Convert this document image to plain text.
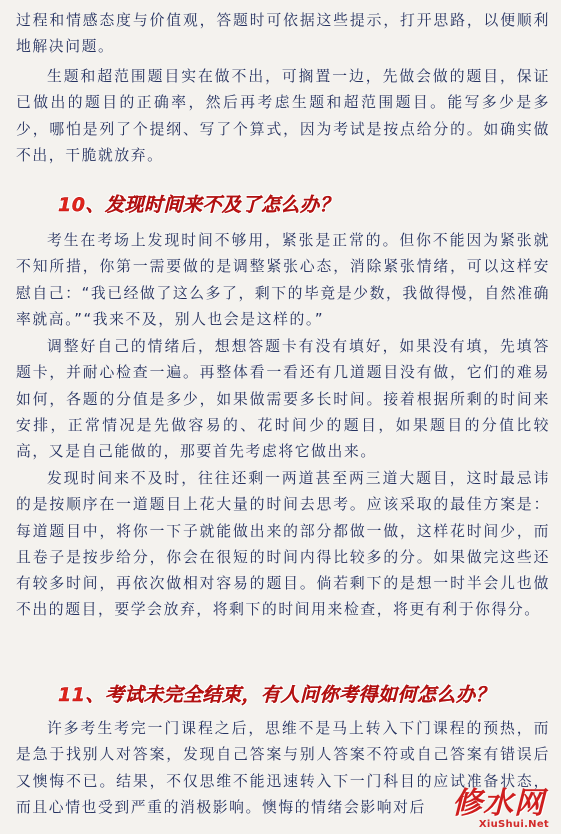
过程和情感态度与价值观，答题时可依据这些提示，打开思路，以便顺利地解决问题。

生题和超范围题目实在做不出，可搁置一边，先做会做的题目，保证已做出的题目的正确率，然后再考虑生题和超范围题目。能写多少是多少，哪怕是列了个提纲、写了个算式，因为考试是按点给分的。如确实做不出，干脆就放弃。

10、发现时间来不及了怎么办？

考生在考场上发现时间不够用，紧张是正常的。但你不能因为紧张就不知所措，你第一需要做的是调整紧张心态，消除紧张情绪，可以这样安慰自己：“我已经做了这么多了，剩下的毕竟是少数，我做得慢，自然准确率就高。”“我来不及，别人也会是这样的。”

调整好自己的情绪后，想想答题卡有没有填好，如果没有填，先填答题卡，并耐心检查一遍。再整体看一看还有几道题目没有做，它们的难易如何，各题的分值是多少，如果做需要多长时间。接着根据所剩的时间来安排，正常情况是先做容易的、花时间少的题目，如果题目的分值比较高，又是自己能做的，那要首先考虑将它做出来。

发现时间来不及时，往往还剩一两道甚至两三道大题目，这时最忌讳的是按顺序在一道题目上花大量的时间去思考。应该采取的最佳方案是：每道题目中，将你一下子就能做出来的部分都做一做，这样花时间少，而且卷子是按步给分，你会在很短的时间内得比较多的分。如果做完这些还有较多时间，再依次做相对容易的题目。倘若剩下的是想一时半会儿也做不出的题目，要学会放弃，将剩下的时间用来检查，将更有利于你得分。

11、考试未完全结束，有人问你考得如何怎么办？

许多考生考完一门课程之后，思维不是马上转入下门课程的预热，而是急于找别人对答案，发现自己答案与别人答案不符或自己答案有错误后又懊悔不已。结果，不仅思维不能迅速转入下一门科目的应试准备状态，而且心情也受到严重的消极影响。懊悔的情绪会影响对后 修水网
XiuShui.Net
